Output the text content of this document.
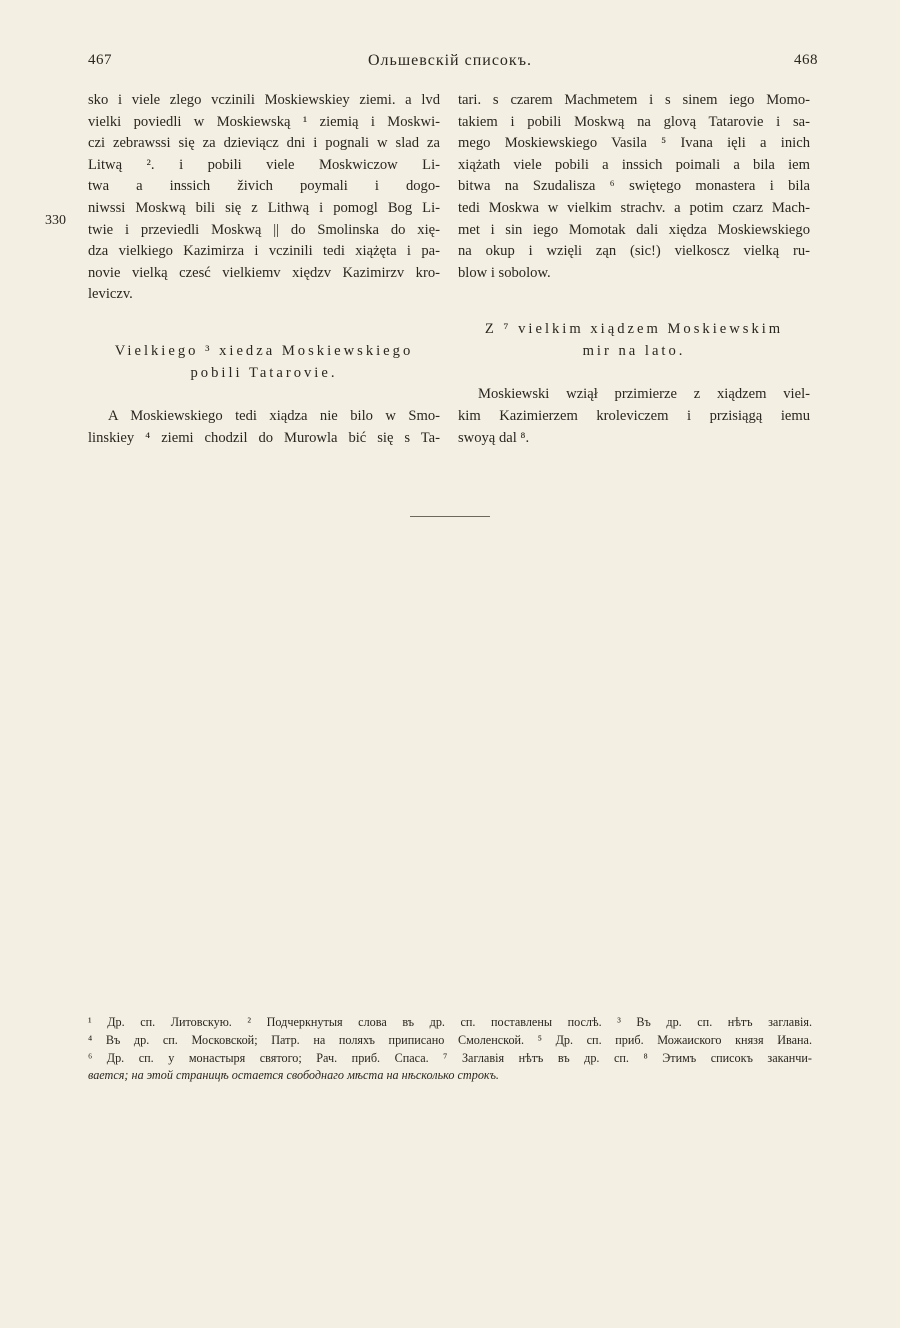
467	Ольшевскій списокъ.	468
330
sko i viele zlego vczinili Moskiewskiey ziemi. a lvd
vielki poviedli w Moskiewską ¹ ziemią i Moskwi-
czi zebrawssi się za dzieviącz dni i pognali w slad za
Litwą ². i pobili viele Moskwiczow Li-
twa a inssich živich poymali i dogo-
niwssi Moskwą bili się z Lithwą i pomogl Bog Li-
twie i przeviedli Moskwą || do Smolinska do xię-
dza vielkiego Kazimirza i vczinili tedi xiążęta i pa-
novie vielką czesć vielkiemv xiędzv Kazimirzv kro-
leviczv.
Vielkiego ³ xiedza Moskiewskiego
pobili Tatarovie.
A Moskiewskiego tedi xiądza nie bilo w Smo-
linskiey ⁴ ziemi chodzil do Murowla bić się s Ta-
tari. s czarem Machmetem i s sinem iego Momo-
takiem i pobili Moskwą na glovą Tatarovie i sa-
mego Moskiewskiego Vasila ⁵ Ivana ięli a inich
xiążath viele pobili a inssich poimali a bila iem
bitwa na Szudalisza ⁶ swiętego monastera i bila
tedi Moskwa w vielkim strachv. a potim czarz Mach-
met i sin iego Momotak dali xiędza Moskiewskiego
na okup i wzięli ząn (sic!) vielkoscz vielką ru-
blow i sobolow.
Z ⁷ vielkim xiądzem Moskiewskim
mir na lato.
Moskiewski wziął przimierze z xiądzem viel-
kim Kazimierzem kroleviczem i przisiągą iemu
swoyą dal ⁸.
¹ Др. сп. Литовскую. ² Подчеркнутыя слова въ др. сп. поставлены послѣ. ³ Въ др. сп. нѣтъ заглавія.
⁴ Въ др. сп. Московской; Патр. на поляхъ приписано Смоленской. ⁵ Др. сп. приб. Можаиского князя Ивана.
⁶ Др. сп. у монастыря святого; Рач. приб. Спаса. ⁷ Заглавія нѣтъ въ др. сп. ⁸ Этимъ списокъ заканчи-
вается; на этой страницѣ остается свободнаго мѣста на нѣсколько строкъ.
